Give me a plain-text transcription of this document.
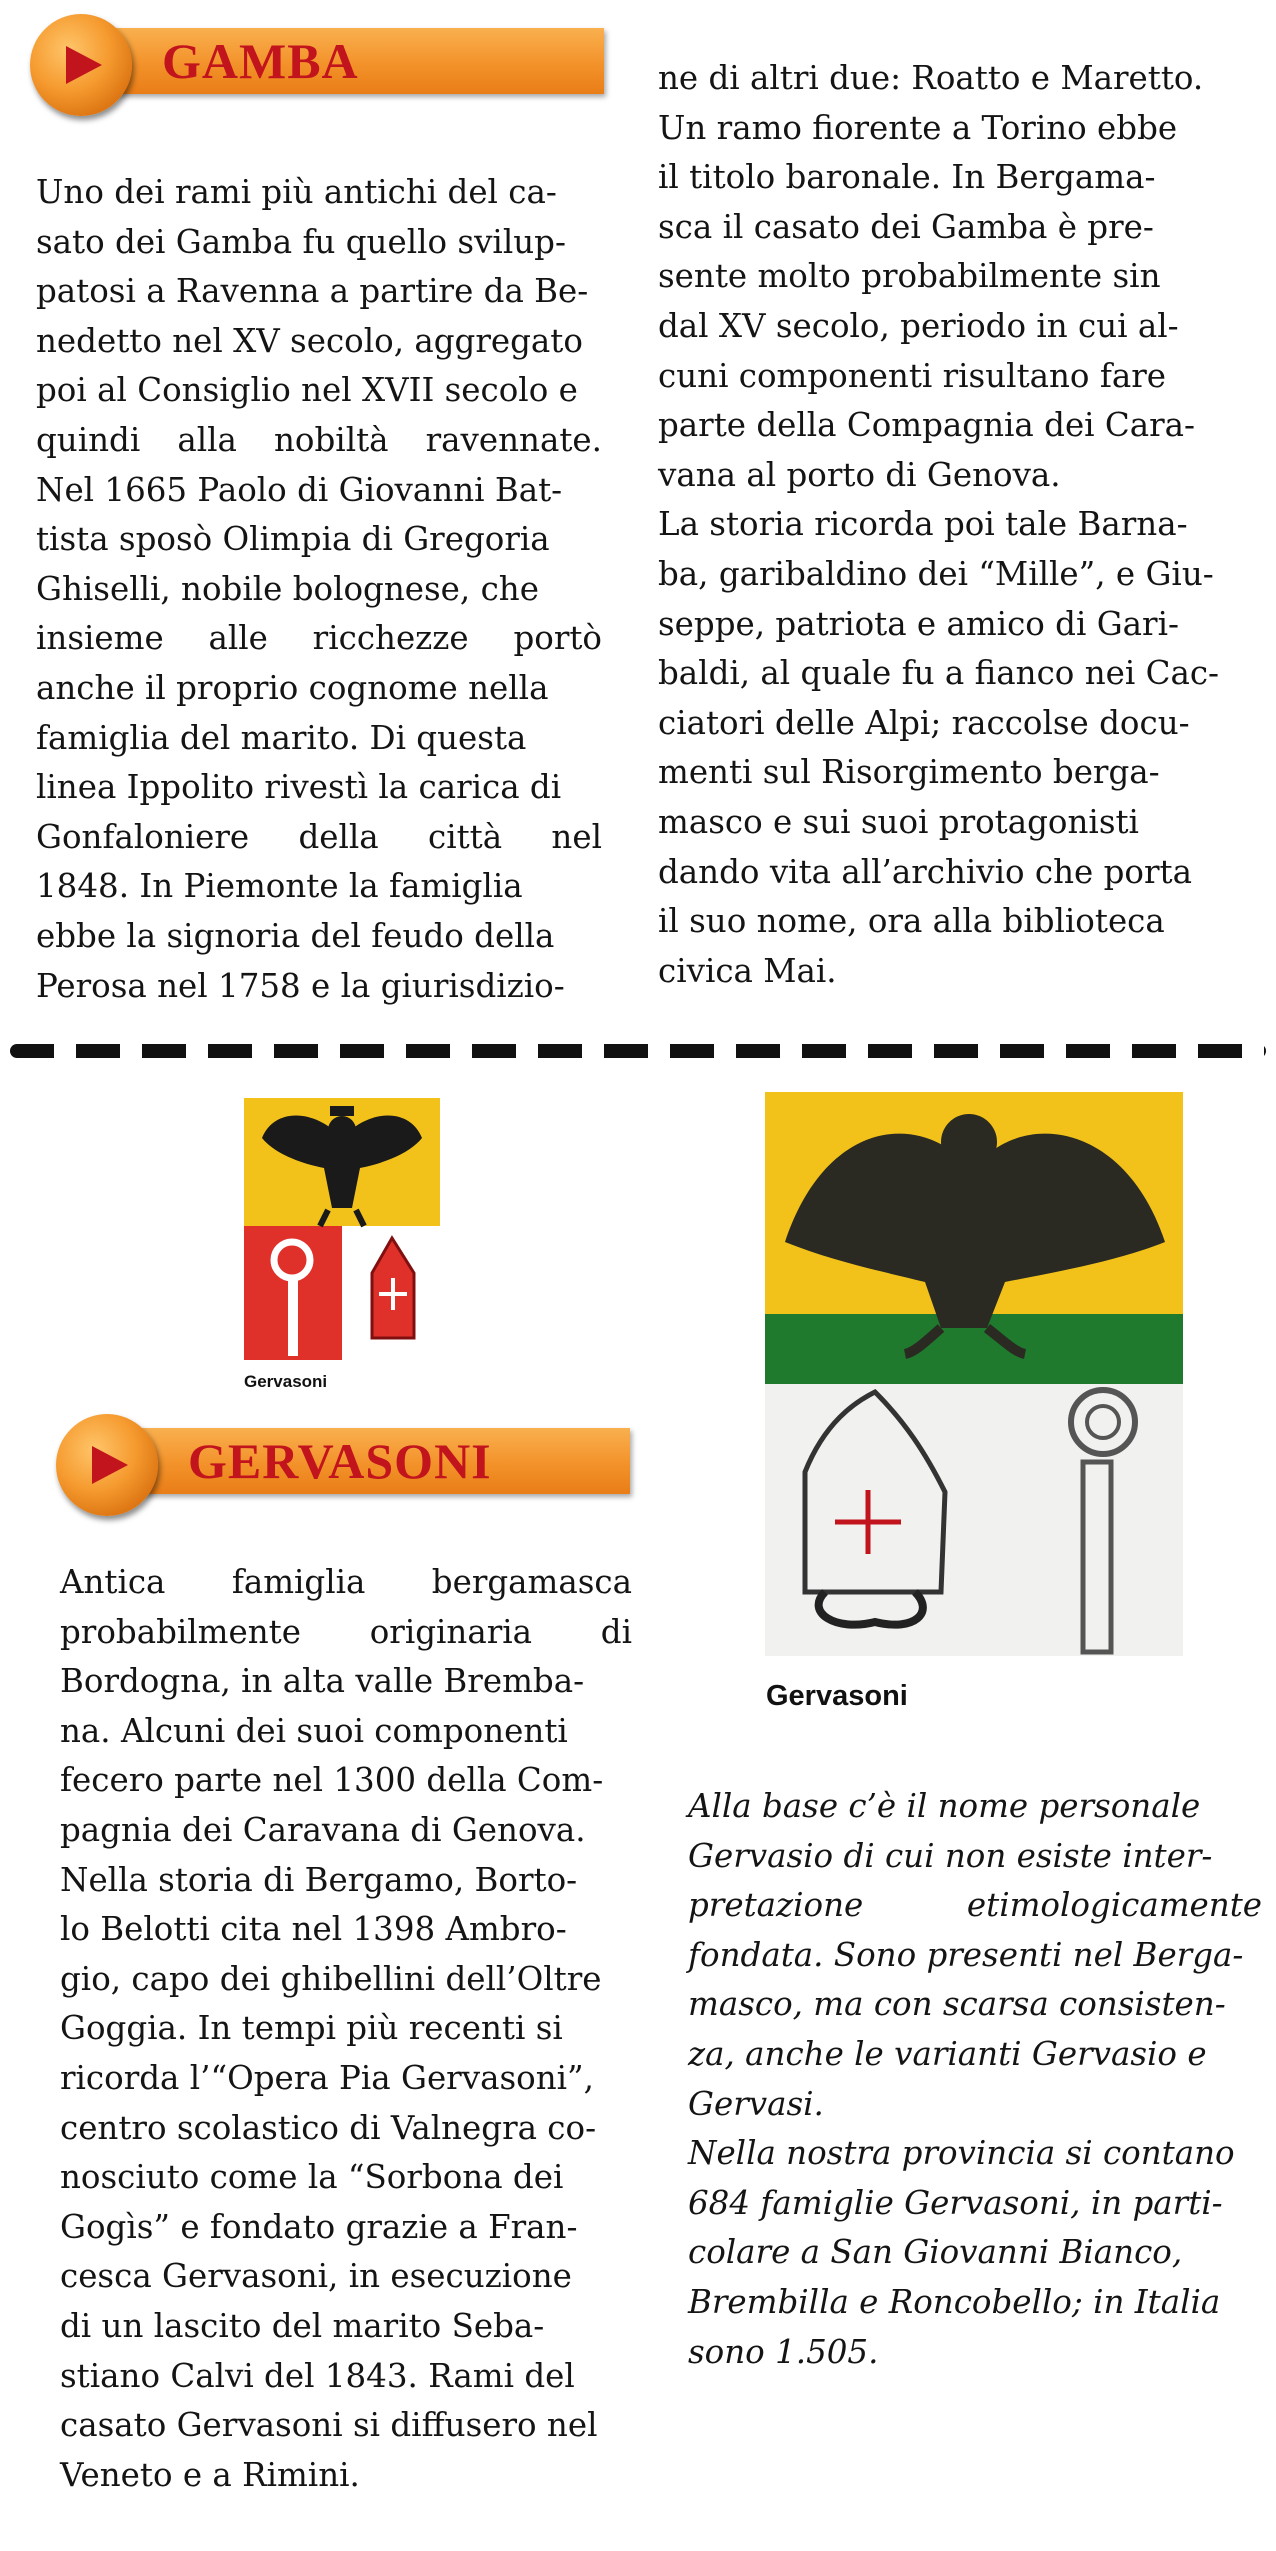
GAMBA
Uno dei rami più antichi del ca-
sato dei Gamba fu quello svilup-
patosi a Ravenna a partire da Be-
nedetto nel XV secolo, aggregato
poi al Consiglio nel XVII secolo e
quindi alla nobiltà ravennate.
Nel 1665 Paolo di Giovanni Bat-
tista sposò Olimpia di Gregoria
Ghiselli, nobile bolognese, che
insieme alle ricchezze portò
anche il proprio cognome nella
famiglia del marito. Di questa
linea Ippolito rivestì la carica di
Gonfaloniere della città nel
1848. In Piemonte la famiglia
ebbe la signoria del feudo della
Perosa nel 1758 e la giurisdizio-
ne di altri due: Roatto e Maretto.
Un ramo fiorente a Torino ebbe
il titolo baronale. In Bergama-
sca il casato dei Gamba è pre-
sente molto probabilmente sin
dal XV secolo, periodo in cui al-
cuni componenti risultano fare
parte della Compagnia dei Cara-
vana al porto di Genova.
La storia ricorda poi tale Barna-
ba, garibaldino dei “Mille”, e Giu-
seppe, patriota e amico di Gari-
baldi, al quale fu a fianco nei Cac-
ciatori delle Alpi; raccolse docu-
menti sul Risorgimento berga-
masco e sui suoi protagonisti
dando vita all’archivio che porta
il suo nome, ora alla biblioteca
civica Mai.
Gervasoni
Gervasoni
GERVASONI
Antica famiglia bergamasca
probabilmente originaria di
Bordogna, in alta valle Bremba-
na. Alcuni dei suoi componenti
fecero parte nel 1300 della Com-
pagnia dei Caravana di Genova.
Nella storia di Bergamo, Borto-
lo Belotti cita nel 1398 Ambro-
gio, capo dei ghibellini dell’Oltre
Goggia. In tempi più recenti si
ricorda l’“Opera Pia Gervasoni”,
centro scolastico di Valnegra co-
nosciuto come la “Sorbona dei
Gogìs” e fondato grazie a Fran-
cesca Gervasoni, in esecuzione
di un lascito del marito Seba-
stiano Calvi del 1843. Rami del
casato Gervasoni si diffusero nel
Veneto e a Rimini.
Alla base c’è il nome personale
Gervasio di cui non esiste inter-
pretazione etimologicamente
fondata. Sono presenti nel Berga-
masco, ma con scarsa consisten-
za, anche le varianti Gervasio e
Gervasi.
Nella nostra provincia si contano
684 famiglie Gervasoni, in parti-
colare a San Giovanni Bianco,
Brembilla e Roncobello; in Italia
sono 1.505.
